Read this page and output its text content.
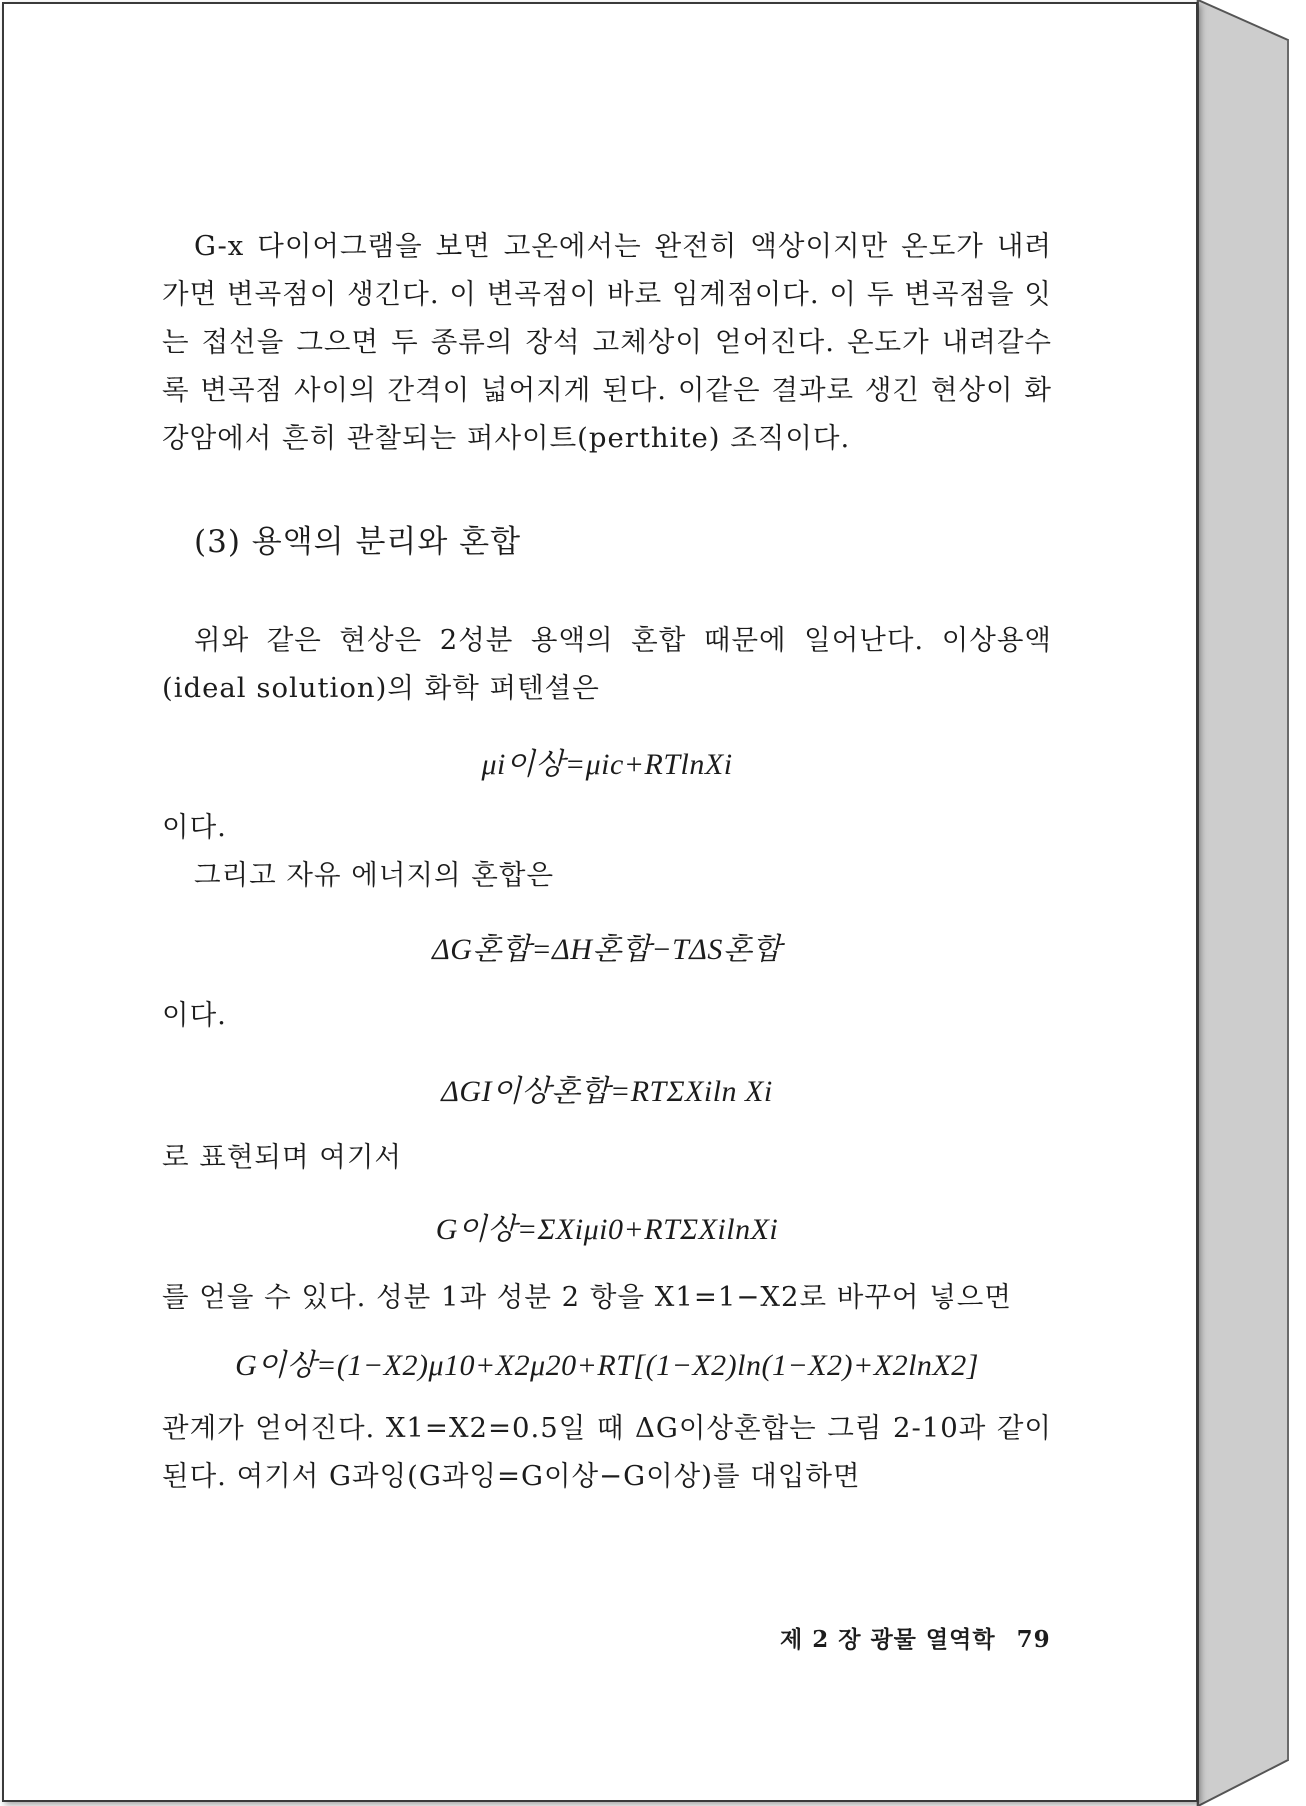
G-x 다이어그램을 보면 고온에서는 완전히 액상이지만 온도가 내려가면 변곡점이 생긴다. 이 변곡점이 바로 임계점이다. 이 두 변곡점을 잇는 접선을 그으면 두 종류의 장석 고체상이 얻어진다. 온도가 내려갈수록 변곡점 사이의 간격이 넓어지게 된다. 이같은 결과로 생긴 현상이 화강암에서 흔히 관찰되는 퍼사이트(perthite) 조직이다.
(3) 용액의 분리와 혼합
위와 같은 현상은 2성분 용액의 혼합 때문에 일어난다. 이상용액(ideal solution)의 화학 퍼텐셜은
μi이상=μic+RTlnXi
이다.
그리고 자유 에너지의 혼합은
ΔG혼합=ΔH혼합−TΔS혼합
이다.
ΔGI이상혼합=RTΣXiln Xi
로 표현되며 여기서
G이상=ΣXiμi0+RTΣXilnXi
를 얻을 수 있다. 성분 1과 성분 2 항을 X1=1−X2로 바꾸어 넣으면
G이상=(1−X2)μ10+X2μ20+RT[(1−X2)ln(1−X2)+X2lnX2]
관계가 얻어진다. X1=X2=0.5일 때 ΔG이상혼합는 그림 2-10과 같이 된다. 여기서 G과잉(G과잉=G이상−G이상)를 대입하면
제 2 장 광물 열역학 79
